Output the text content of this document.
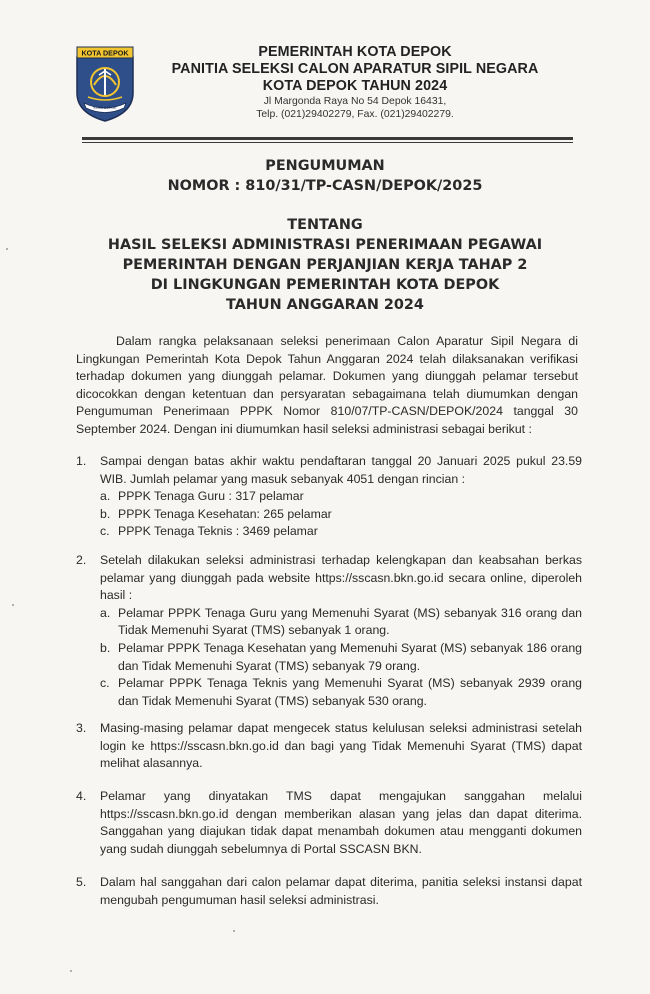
KOTA DEPOK
KOTA DEPOK
PEMERINTAH KOTA DEPOK
PANITIA SELEKSI CALON APARATUR SIPIL NEGARA
KOTA DEPOK TAHUN 2024
Jl Margonda Raya No 54 Depok 16431,
Telp. (021)29402279, Fax. (021)29402279.
PENGUMUMAN
NOMOR : 810/31/TP-CASN/DEPOK/2025
TENTANG
HASIL SELEKSI ADMINISTRASI PENERIMAAN PEGAWAI
PEMERINTAH DENGAN PERJANJIAN KERJA TAHAP 2
DI LINGKUNGAN PEMERINTAH KOTA DEPOK
TAHUN ANGGARAN 2024
Dalam rangka pelaksanaan seleksi penerimaan Calon Aparatur Sipil Negara di Lingkungan Pemerintah Kota Depok Tahun Anggaran 2024 telah dilaksanakan verifikasi terhadap dokumen yang diunggah pelamar. Dokumen yang diunggah pelamar tersebut dicocokkan dengan ketentuan dan persyaratan sebagaimana telah diumumkan dengan Pengumuman Penerimaan PPPK Nomor 810/07/TP-CASN/DEPOK/2024 tanggal 30 September 2024. Dengan ini diumumkan hasil seleksi administrasi sebagai berikut :
1.	Sampai dengan batas akhir waktu pendaftaran tanggal 20 Januari 2025 pukul 23.59 WIB. Jumlah pelamar yang masuk sebanyak 4051 dengan rincian :
a. PPPK Tenaga Guru : 317 pelamar
b. PPPK Tenaga Kesehatan: 265 pelamar
c. PPPK Tenaga Teknis : 3469 pelamar
2.	Setelah dilakukan seleksi administrasi terhadap kelengkapan dan keabsahan berkas pelamar yang diunggah pada website https://sscasn.bkn.go.id secara online, diperoleh hasil :
a. Pelamar PPPK Tenaga Guru yang Memenuhi Syarat (MS) sebanyak 316 orang dan Tidak Memenuhi Syarat (TMS) sebanyak 1 orang.
b. Pelamar PPPK Tenaga Kesehatan yang Memenuhi Syarat (MS) sebanyak 186 orang dan Tidak Memenuhi Syarat (TMS) sebanyak 79 orang.
c. Pelamar PPPK Tenaga Teknis yang Memenuhi Syarat (MS) sebanyak 2939 orang dan Tidak Memenuhi Syarat (TMS) sebanyak 530 orang.
3.	Masing-masing pelamar dapat mengecek status kelulusan seleksi administrasi setelah login ke https://sscasn.bkn.go.id dan bagi yang Tidak Memenuhi Syarat (TMS) dapat melihat alasannya.
4.	Pelamar yang dinyatakan TMS dapat mengajukan sanggahan melalui https://sscasn.bkn.go.id dengan memberikan alasan yang jelas dan dapat diterima. Sanggahan yang diajukan tidak dapat menambah dokumen atau mengganti dokumen yang sudah diunggah sebelumnya di Portal SSCASN BKN.
5.	Dalam hal sanggahan dari calon pelamar dapat diterima, panitia seleksi instansi dapat mengubah pengumuman hasil seleksi administrasi.
